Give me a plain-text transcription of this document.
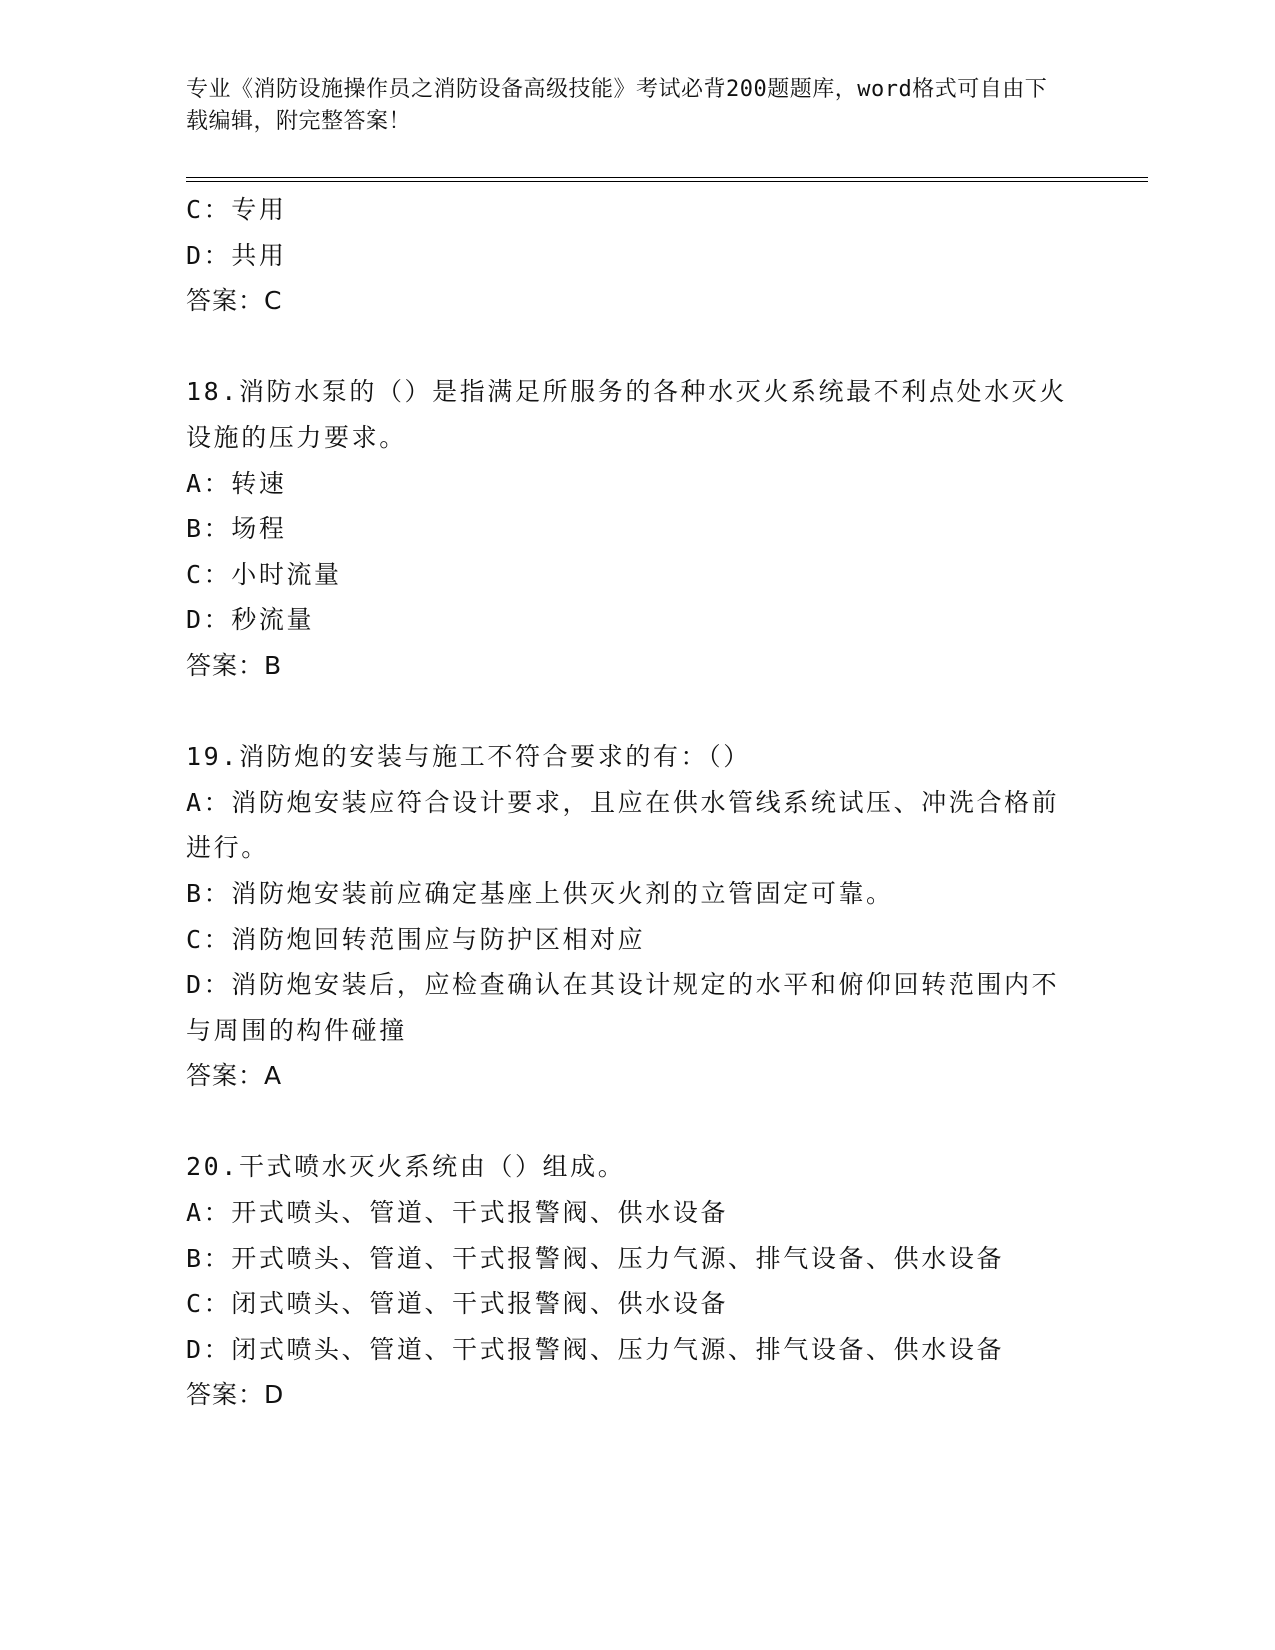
专业《消防设施操作员之消防设备高级技能》考试必背200题题库，word格式可自由下载编辑，附完整答案！

C：专用

D：共用

答案：C

18.消防水泵的（）是指满足所服务的各种水灭火系统最不利点处水灭火设施的压力要求。

A：转速

B：场程

C：小时流量

D：秒流量

答案：B

19.消防炮的安装与施工不符合要求的有：（）

A：消防炮安装应符合设计要求，且应在供水管线系统试压、冲洗合格前进行。

B：消防炮安装前应确定基座上供灭火剂的立管固定可靠。

C：消防炮回转范围应与防护区相对应

D：消防炮安装后，应检查确认在其设计规定的水平和俯仰回转范围内不与周围的构件碰撞

答案：A

20.干式喷水灭火系统由（）组成。

A：开式喷头、管道、干式报警阀、供水设备

B：开式喷头、管道、干式报警阀、压力气源、排气设备、供水设备

C：闭式喷头、管道、干式报警阀、供水设备

D：闭式喷头、管道、干式报警阀、压力气源、排气设备、供水设备

答案：D
